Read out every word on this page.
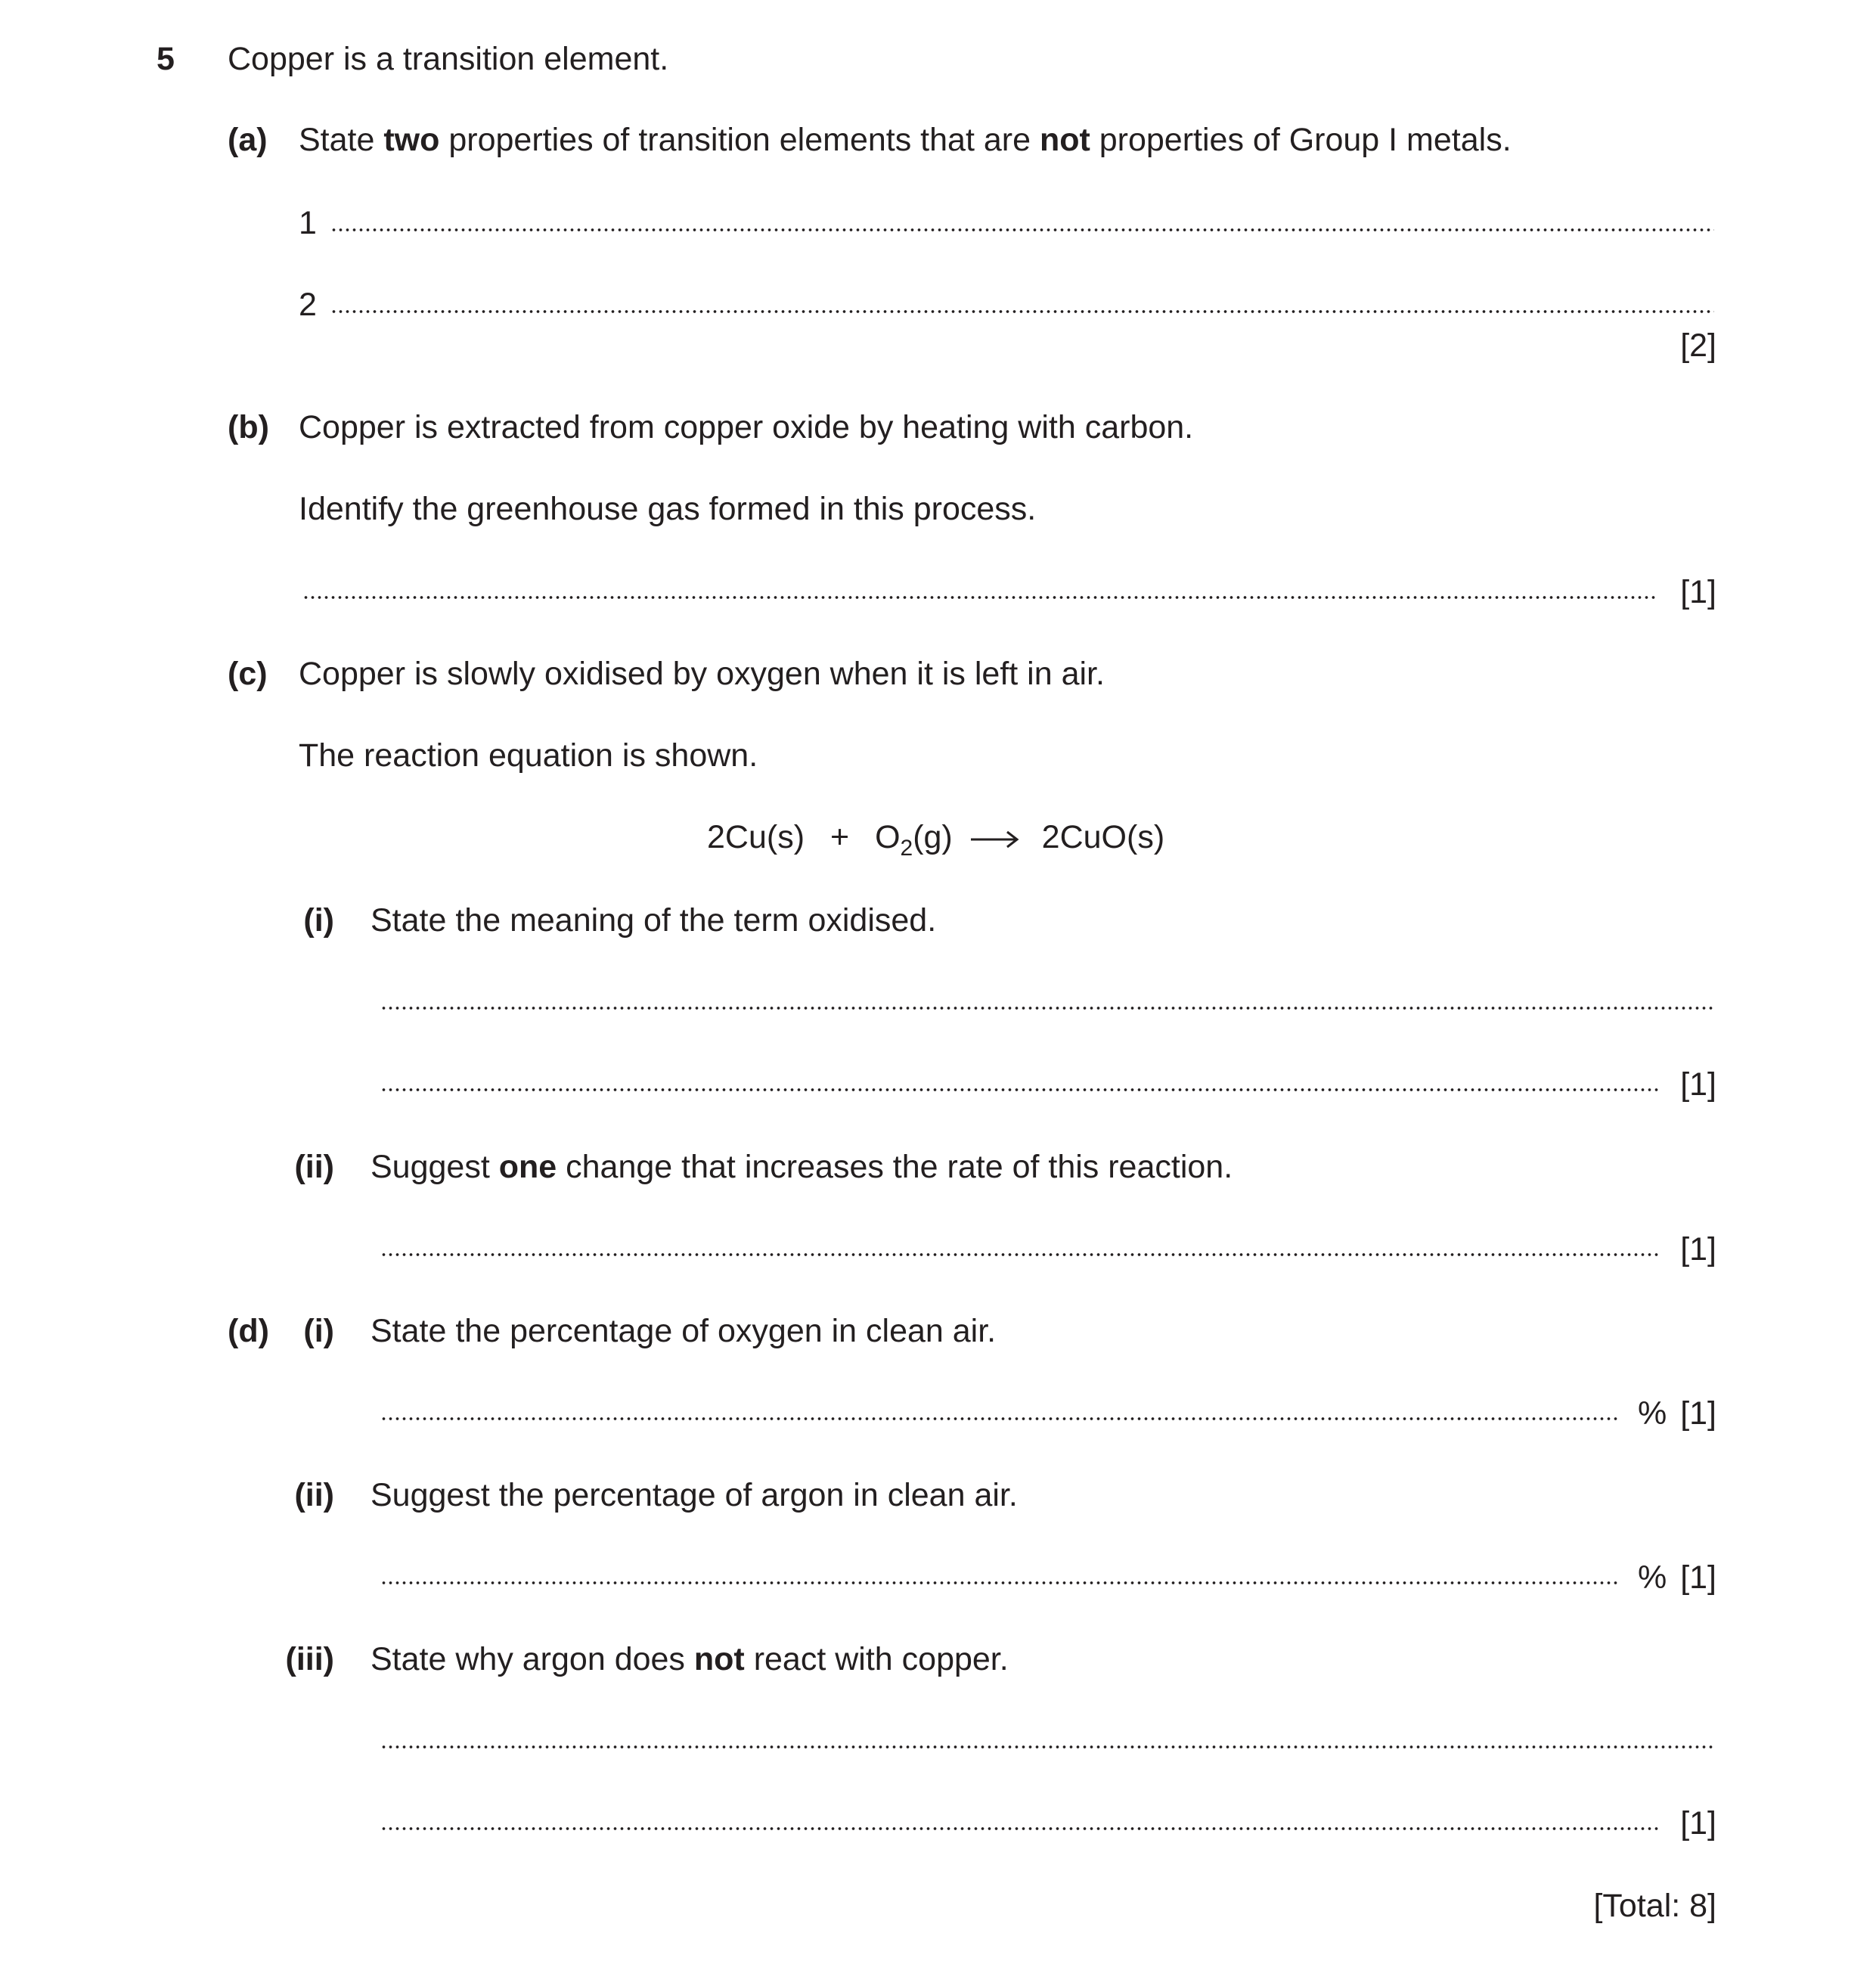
5 Copper is a transition element.
(a) State two properties of transition elements that are not properties of Group I metals.
1
2
[2]
(b) Copper is extracted from copper oxide by heating with carbon.
Identify the greenhouse gas formed in this process.
[1]
(c) Copper is slowly oxidised by oxygen when it is left in air.
The reaction equation is shown.
$2Cu(s) + O_2(g) \to 2CuO(s)$
(i) State the meaning of the term oxidised.
[1]
(ii) Suggest one change that increases the rate of this reaction.
[1]
(d) (i) State the percentage of oxygen in clean air.
% [1]
(ii) Suggest the percentage of argon in clean air.
% [1]
(iii) State why argon does not react with copper.
[1]
[Total: 8]
